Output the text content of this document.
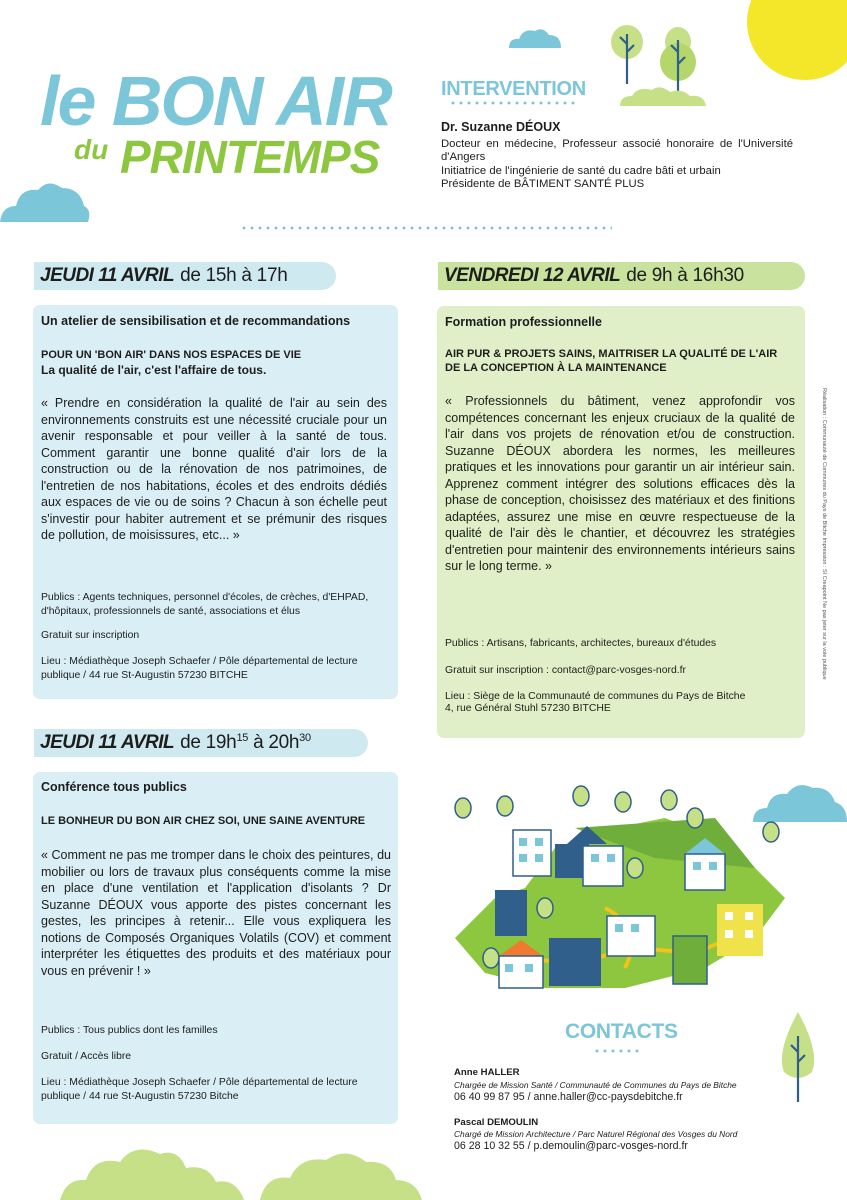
le BON AIR
du PRINTEMPS
INTERVENTION
Dr. Suzanne DÉOUX
Docteur en médecine, Professeur associé honoraire de l'Université d'Angers
Initiatrice de l'ingénierie de santé du cadre bâti et urbain
Présidente de BÂTIMENT SANTÉ PLUS
JEUDI 11 AVRIL de 15h à 17h
Un atelier de sensibilisation et de recommandations
POUR UN 'BON AIR' DANS NOS ESPACES DE VIE
La qualité de l'air, c'est l'affaire de tous.
« Prendre en considération la qualité de l'air au sein des environnements construits est une nécessité cruciale pour un avenir responsable et pour veiller à la santé de tous. Comment garantir une bonne qualité d'air lors de la construction ou de la rénovation de nos patrimoines, de l'entretien de nos habitations, écoles et des endroits dédiés aux espaces de vie ou de soins ? Chacun à son échelle peut s'investir pour habiter autrement et se prémunir des risques de pollution, de moisissures, etc... »
Publics : Agents techniques, personnel d'écoles, de crèches, d'EHPAD, d'hôpitaux, professionnels de santé, associations et élus
Gratuit sur inscription
Lieu : Médiathèque Joseph Schaefer / Pôle départemental de lecture publique / 44 rue St-Augustin 57230 BITCHE
VENDREDI 12 AVRIL de 9h à 16h30
Formation professionnelle
AIR PUR & PROJETS SAINS, MAITRISER LA QUALITÉ DE L'AIR DE LA CONCEPTION À LA MAINTENANCE
« Professionnels du bâtiment, venez approfondir vos compétences concernant les enjeux cruciaux de la qualité de l'air dans vos projets de rénovation et/ou de construction. Suzanne DÉOUX abordera les normes, les meilleures pratiques et les innovations pour garantir un air intérieur sain. Apprenez comment intégrer des solutions efficaces dès la phase de conception, choisissez des matériaux et des finitions adaptées, assurez une mise en œuvre respectueuse de la qualité de l'air dès le chantier, et découvrez les stratégies d'entretien pour maintenir des environnements intérieurs sains sur le long terme. »
Publics : Artisans, fabricants, architectes, bureaux d'études
Gratuit sur inscription : contact@parc-vosges-nord.fr
Lieu : Siège de la Communauté de communes du Pays de Bitche
4, rue Général Stuhl 57230 BITCHE
JEUDI 11 AVRIL de $19h^{15}$ à $20h^{30}$
Conférence tous publics
LE BONHEUR DU BON AIR CHEZ SOI, UNE SAINE AVENTURE
« Comment ne pas me tromper dans le choix des peintures, du mobilier ou lors de travaux plus conséquents comme la mise en place d'une ventilation et l'application d'isolants ? Dr Suzanne DÉOUX vous apporte des pistes concernant les gestes, les principes à retenir... Elle vous expliquera les notions de Composés Organiques Volatils (COV) et comment interpréter les étiquettes des produits et des matériaux pour vous en prévenir ! »
Publics : Tous publics dont les familles
Gratuit / Accès libre
Lieu : Médiathèque Joseph Schaefer / Pôle départemental de lecture publique / 44 rue St-Augustin 57230 Bitche
CONTACTS
Anne HALLER
Chargée de Mission Santé / Communauté de Communes du Pays de Bitche
06 40 99 87 95 / anne.haller@cc-paysdebitche.fr
Pascal DEMOULIN
Chargé de Mission Architecture / Parc Naturel Régional des Vosges du Nord
06 28 10 32 55 / p.demoulin@parc-vosges-nord.fr
Réalisation : Communauté de Communes du Pays de Bitche Impression : SI Creapoint Ne pas jeter sur la voie publique
